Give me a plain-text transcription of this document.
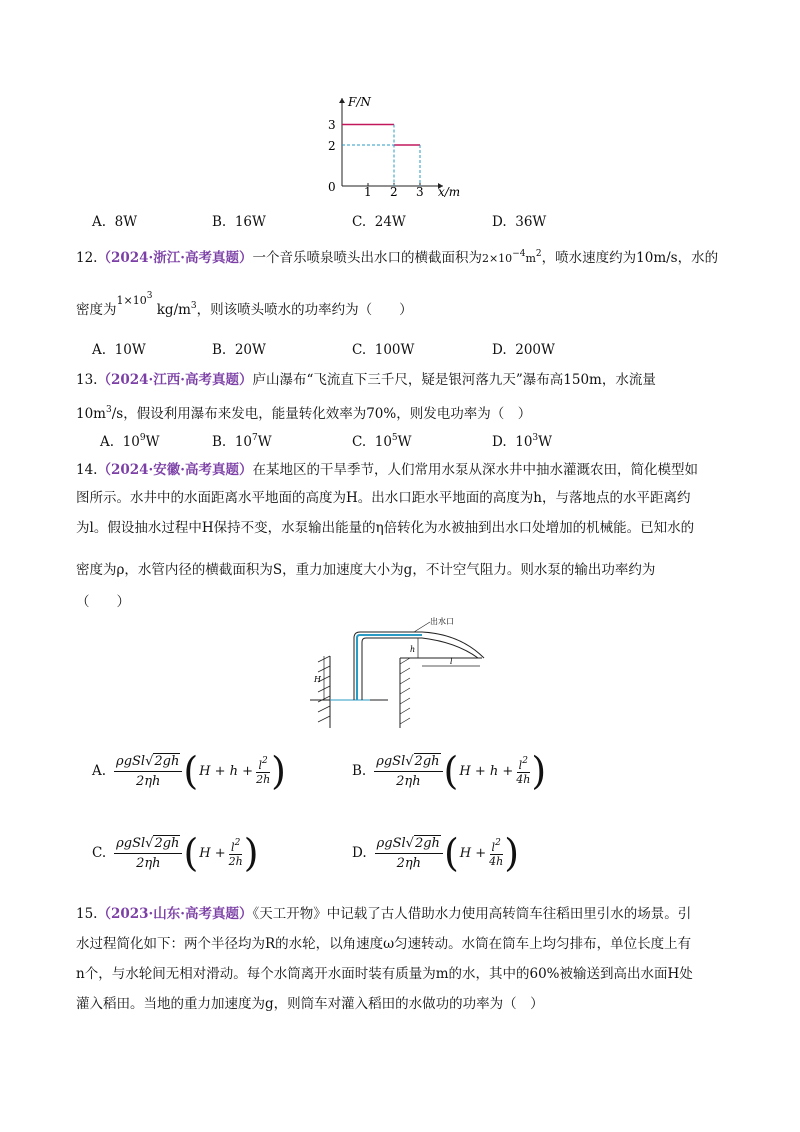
F/N
x/m
0
2
3
1 2 3
A. 8W	B. 16W	C. 24W	D. 36W
12.（2024·浙江·高考真题）一个音乐喷泉喷头出水口的横截面积为$2\times 10^{-4}m^2$，喷水速度约为10m/s，水的
密度为$^{1\times 10^3}$ $kg/m^3$，则该喷头喷水的功率约为（　　）
A. 10W	B. 20W	C. 100W	D. 200W
13.（2024·江西·高考真题）庐山瀑布“飞流直下三千尺，疑是银河落九天”瀑布高150m，水流量
$10m^3/s$，假设利用瀑布来发电，能量转化效率为70%，则发电功率为（　）
A. $10^9W$	B. $10^7W$	C. $10^5W$	D. $10^3W$
14.（2024·安徽·高考真题）在某地区的干旱季节，人们常用水泵从深水井中抽水灌溉农田，简化模型如
图所示。水井中的水面距离水平地面的高度为H。出水口距水平地面的高度为h，与落地点的水平距离约
为l。假设抽水过程中H保持不变，水泵输出能量的η倍转化为水被抽到出水口处增加的机械能。已知水的
密度为ρ，水管内径的横截面积为S，重力加速度大小为g，不计空气阻力。则水泵的输出功率约为
（　　）
出水口
h
l
H
A. $\frac{\text{ρgSl√2gh}}{2\eta h}$ ( $H + h + \frac{l^2}{2h}$ )	B. $\frac{\text{ρgSl√2gh}}{2\eta h}$ ( $H + h + \frac{l^2}{4h}$ )
C. $\frac{\text{ρgSl√2gh}}{2\eta h}$ ( $H + \frac{l^2}{2h}$ )	D. $\frac{\text{ρgSl√2gh}}{2\eta h}$ ( $H + \frac{l^2}{4h}$ )
15.（2023·山东·高考真题）《天工开物》中记载了古人借助水力使用高转筒车往稻田里引水的场景。引
水过程简化如下：两个半径均为R的水轮，以角速度ω匀速转动。水筒在筒车上均匀排布，单位长度上有
n个，与水轮间无相对滑动。每个水筒离开水面时装有质量为m的水，其中的60%被输送到高出水面H处
灌入稻田。当地的重力加速度为g，则筒车对灌入稻田的水做功的功率为（　）
